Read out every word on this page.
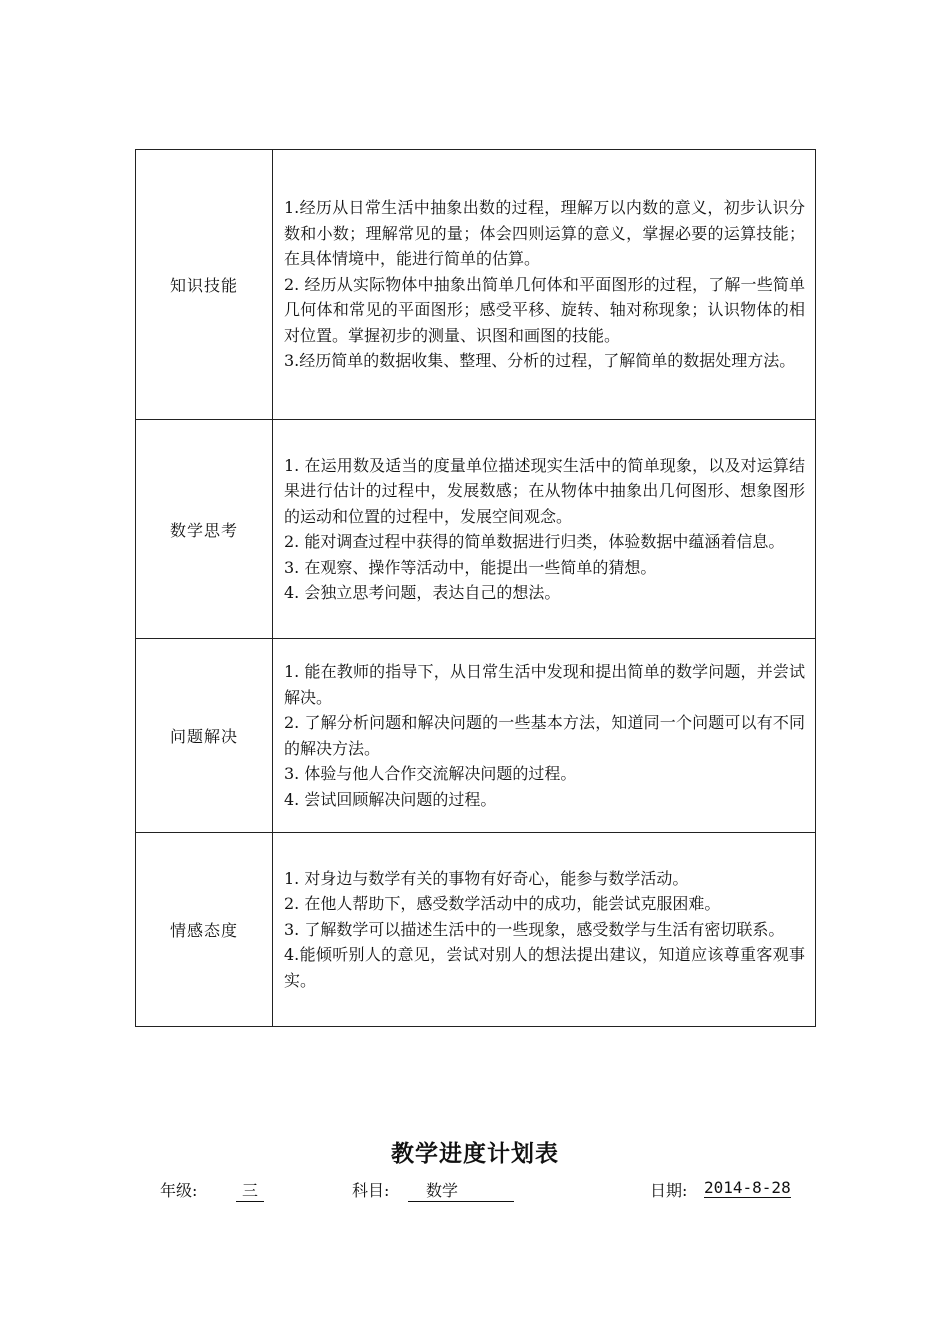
知识技能	1.经历从日常生活中抽象出数的过程，理解万以内数的意义，初步认识分数和小数；理解常见的量；体会四则运算的意义，掌握必要的运算技能；在具体情境中，能进行简单的估算。
2. 经历从实际物体中抽象出简单几何体和平面图形的过程，了解一些简单几何体和常见的平面图形；感受平移、旋转、轴对称现象；认识物体的相对位置。掌握初步的测量、识图和画图的技能。
3.经历简单的数据收集、整理、分析的过程，了解简单的数据处理方法。

数学思考	1. 在运用数及适当的度量单位描述现实生活中的简单现象，以及对运算结果进行估计的过程中，发展数感；在从物体中抽象出几何图形、想象图形的运动和位置的过程中，发展空间观念。
2. 能对调查过程中获得的简单数据进行归类，体验数据中蕴涵着信息。
3. 在观察、操作等活动中，能提出一些简单的猜想。
4. 会独立思考问题，表达自己的想法。

问题解决	1. 能在教师的指导下，从日常生活中发现和提出简单的数学问题，并尝试解决。
2. 了解分析问题和解决问题的一些基本方法，知道同一个问题可以有不同的解决方法。
3. 体验与他人合作交流解决问题的过程。
4. 尝试回顾解决问题的过程。

情感态度	1. 对身边与数学有关的事物有好奇心，能参与数学活动。
2. 在他人帮助下，感受数学活动中的成功，能尝试克服困难。
3. 了解数学可以描述生活中的一些现象，感受数学与生活有密切联系。
4.能倾听别人的意见，尝试对别人的想法提出建议，知道应该尊重客观事实。
教学进度计划表
年级:	三	科目:	数学	日期: 2014-8-28
